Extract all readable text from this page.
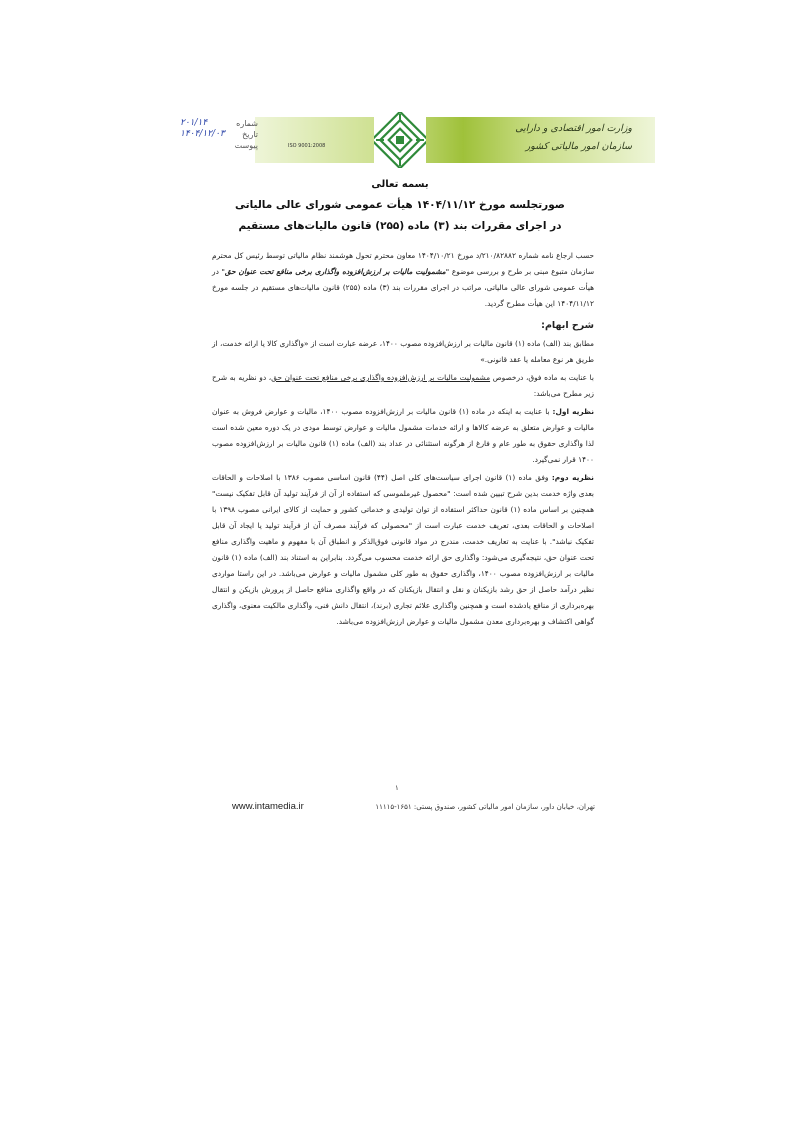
ISO 9001:2008
وزارت امور اقتصادی و دارایی
سازمان امور مالیاتی کشور
شماره
۲۰۱/۱۴
تاریخ
۱۴۰۴/۱۲/۰۳
پیوست
بسمه تعالی
صورتجلسه مورخ ۱۴۰۴/۱۱/۱۲ هیأت عمومی شورای عالی مالیاتی
در اجرای مقررات بند (۳) ماده (۲۵۵) قانون مالیات‌های مستقیم

حسب ارجاع نامه شماره ۲۱۰/۸۲۸۸۲/د مورخ ۱۴۰۴/۱۰/۲۱ معاون محترم تحول هوشمند نظام مالیاتی توسط رئیس کل محترم سازمان متبوع مبنی بر طرح و بررسی موضوع "مشمولیت مالیات بر ارزش‌افزوده واگذاری برخی منافع تحت عنوان حق" در هیأت عمومی شورای عالی مالیاتی، مراتب در اجرای مقررات بند (۳) ماده (۲۵۵) قانون مالیات‌های مستقیم در جلسه مورخ ۱۴۰۴/۱۱/۱۲ این هیأت مطرح گردید.

شرح ابهام:

مطابق بند (الف) ماده (۱) قانون مالیات بر ارزش‌افزوده مصوب ۱۴۰۰، عرضه عبارت است از «واگذاری کالا یا ارائه خدمت، از طریق هر نوع معامله یا عقد قانونی.»

با عنایت به ماده فوق، درخصوص مشمولیت مالیات بر ارزش‌افزوده واگذاری برخی منافع تحت عنوان حق، دو نظریه به شرح زیر مطرح می‌باشد:

نظریه اول: با عنایت به اینکه در ماده (۱) قانون مالیات بر ارزش‌افزوده مصوب ۱۴۰۰، مالیات و عوارض فروش به عنوان مالیات و عوارض متعلق به عرضه کالاها و ارائه خدمات مشمول مالیات و عوارض توسط مودی در یک دوره معین شده است لذا واگذاری حقوق به طور عام و فارغ از هرگونه استثنائی در عداد بند (الف) ماده (۱) قانون مالیات بر ارزش‌افزوده مصوب ۱۴۰۰ قرار نمی‌گیرد.

نظریه دوم: وفق ماده (۱) قانون اجرای سیاست‌های کلی اصل (۴۴) قانون اساسی مصوب ۱۳۸۶ با اصلاحات و الحاقات بعدی واژه خدمت بدین شرح تبیین شده است: "محصول غیرملموسی که استفاده از آن از فرآیند تولید آن قابل تفکیک نیست" همچنین بر اساس ماده (۱) قانون حداکثر استفاده از توان تولیدی و خدماتی کشور و حمایت از کالای ایرانی مصوب ۱۳۹۸ با اصلاحات و الحاقات بعدی، تعریف خدمت عبارت است از "محصولی که فرآیند مصرف آن از فرآیند تولید یا ایجاد آن قابل تفکیک نباشد". با عنایت به تعاریف خدمت، مندرج در مواد قانونی فوق‌الذکر و انطباق آن با مفهوم و ماهیت واگذاری منافع تحت عنوان حق، نتیجه‌گیری می‌شود: واگذاری حق ارائه خدمت محسوب می‌گردد. بنابراین به استناد بند (الف) ماده (۱) قانون مالیات بر ارزش‌افزوده مصوب ۱۴۰۰، واگذاری حقوق به طور کلی مشمول مالیات و عوارض می‌باشد. در این راستا مواردی نظیر درآمد حاصل از حق رشد بازیکنان و نقل و انتقال بازیکنان که در واقع واگذاری منافع حاصل از پرورش بازیکن و انتقال بهره‌برداری از منافع یادشده است و همچنین واگذاری علائم تجاری (برند)، انتقال دانش فنی، واگذاری مالکیت معنوی، واگذاری گواهی اکتشاف و بهره‌برداری معدن مشمول مالیات و عوارض ارزش‌افزوده می‌باشد.

۱
تهران، خیابان داور، سازمان امور مالیاتی کشور، صندوق پستی: ۱۶۵۱-۱۱۱۱۵
www.intamedia.ir
